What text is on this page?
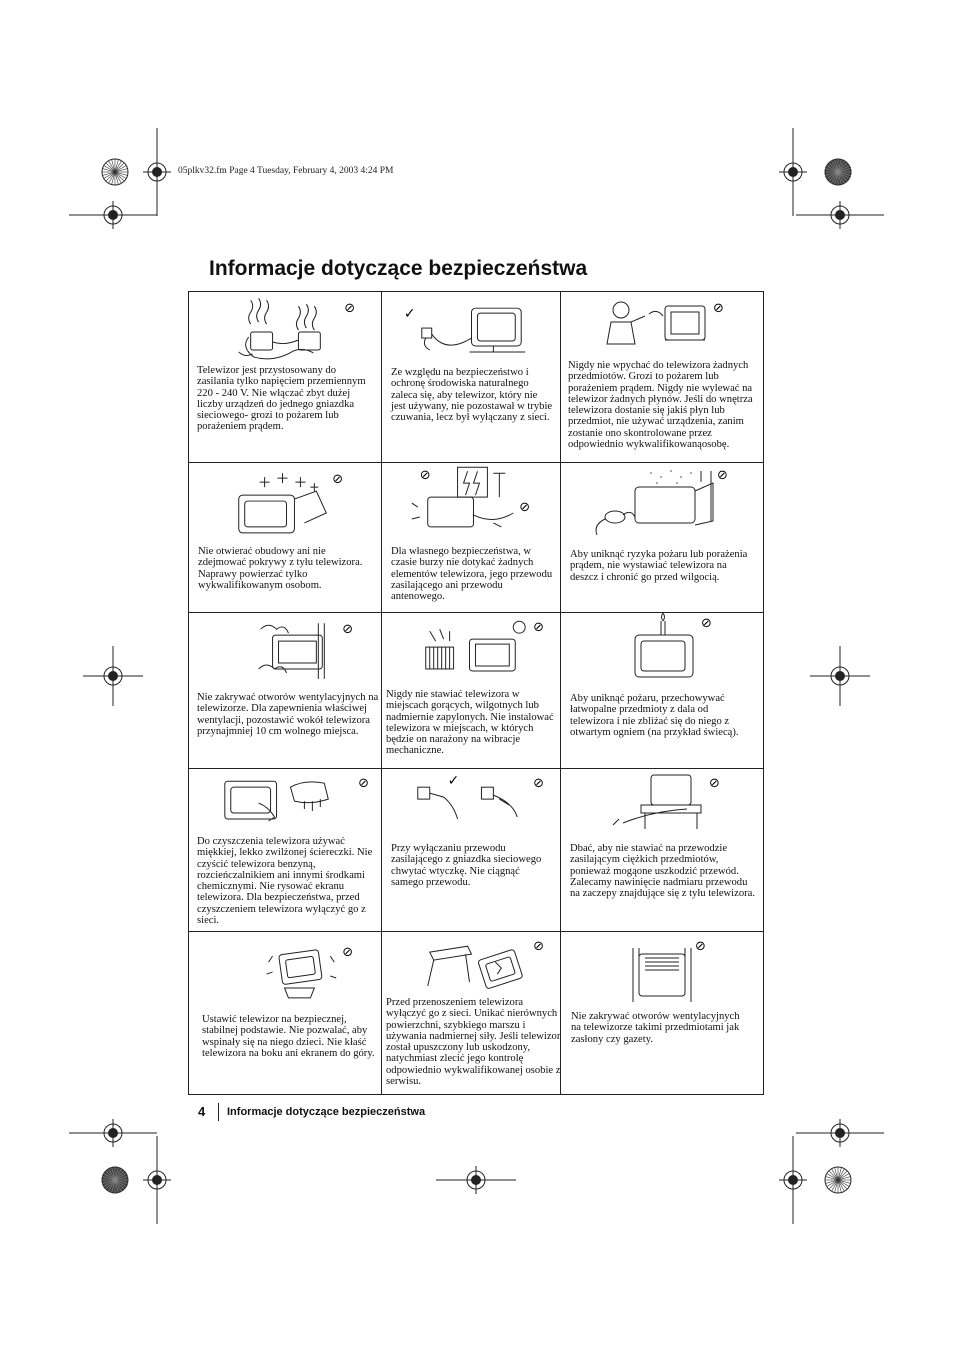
05plkv32.fm Page 4 Tuesday, February 4, 2003 4:24 PM
Informacje dotyczące bezpieczeństwa
⊘
Telewizor jest przystosowany do zasilania tylko napięciem przemiennym 220 - 240 V. Nie włączać zbyt dużej liczby urządzeń do jednego gniazdka sieciowego- grozi to pożarem lub porażeniem prądem.
✓
Ze względu na bezpieczeństwo i ochronę środowiska naturalnego zaleca się, aby telewizor, który nie jest używany, nie pozostawał w trybie czuwania, lecz był wyłączany z sieci.
⊘
Nigdy nie wpychać do telewizora żadnych przedmiotów. Grozi to pożarem lub porażeniem prądem. Nigdy nie wylewać na telewizor żadnych płynów. Jeśli do wnętrza telewizora dostanie się jakiś płyn lub przedmiot, nie używać urządzenia, zanim zostanie ono skontrolowane przez odpowiednio wykwalifikowanąosobę.
⊘
Nie otwierać obudowy ani nie zdejmować pokrywy z tyłu telewizora. Naprawy powierzać tylko wykwalifikowanym osobom.
⊘
⊘
Dla własnego bezpieczeństwa, w czasie burzy nie dotykać żadnych elementów telewizora, jego przewodu zasilającego ani przewodu antenowego.
⊘
Aby uniknąć ryzyka pożaru lub porażenia prądem, nie wystawiać telewizora na deszcz i chronić go przed wilgocią.
⊘
Nie zakrywać otworów wentylacyjnych na telewizorze. Dla zapewnienia właściwej wentylacji, pozostawić wokół telewizora przynajmniej 10 cm wolnego miejsca.
⊘
Nigdy nie stawiać telewizora w miejscach gorących, wilgotnych lub nadmiernie zapylonych. Nie instalować telewizora w miejscach, w których będzie on narażony na wibracje mechaniczne.
⊘
Aby uniknąć pożaru, przechowywać łatwopalne przedmioty z dala od telewizora i nie zbliżać się do niego z otwartym ogniem (na przykład świecą).
⊘
Do czyszczenia telewizora używać miękkiej, lekko zwilżonej ściereczki. Nie czyścić telewizora benzyną, rozcieńczalnikiem ani innymi środkami chemicznymi. Nie rysować ekranu telewizora. Dla bezpieczeństwa, przed czyszczeniem telewizora wyłączyć go z sieci.
✓	⊘
Przy wyłączaniu przewodu zasilającego z gniazdka sieciowego chwytać wtyczkę. Nie ciągnąć samego przewodu.
⊘
Dbać, aby nie stawiać na przewodzie zasilającym ciężkich przedmiotów, ponieważ mogąone uszkodzić przewód. Zalecamy nawinięcie nadmiaru przewodu na zaczepy znajdujące się z tyłu telewizora.
⊘
Ustawić telewizor na bezpiecznej, stabilnej podstawie. Nie pozwalać, aby wspinały się na niego dzieci. Nie kłaść telewizora na boku ani ekranem do góry.
⊘
Przed przenoszeniem telewizora wyłączyć go z sieci. Unikać nierównych powierzchni, szybkiego marszu i używania nadmiernej siły. Jeśli telewizor został upuszczony lub uskodzony, natychmiast zlecić jego kontrolę odpowiednio wykwalifikowanej osobie z serwisu.
⊘
Nie zakrywać otworów wentylacyjnych na telewizorze takimi przedmiotami jak zasłony czy gazety.
4 Informacje dotyczące bezpieczeństwa
